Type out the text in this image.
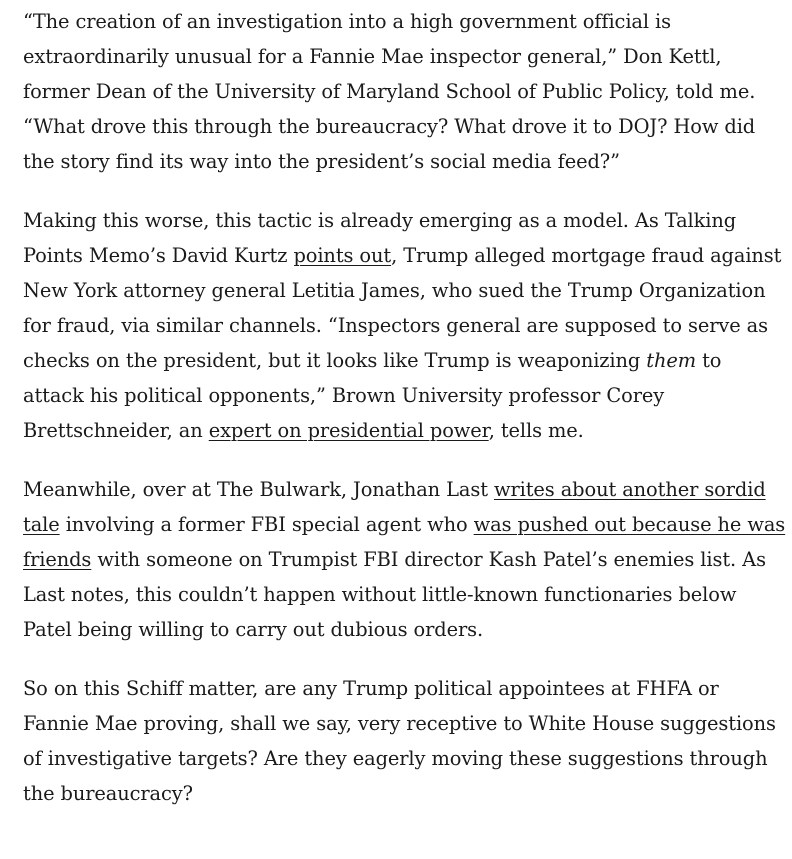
“The creation of an investigation into a high government official is extraordinarily unusual for a Fannie Mae inspector general,” Don Kettl, former Dean of the University of Maryland School of Public Policy, told me. “What drove this through the bureaucracy? What drove it to DOJ? How did the story find its way into the president’s social media feed?”

Making this worse, this tactic is already emerging as a model. As Talking Points Memo’s David Kurtz points out, Trump alleged mortgage fraud against New York attorney general Letitia James, who sued the Trump Organization for fraud, via similar channels. “Inspectors general are supposed to serve as checks on the president, but it looks like Trump is weaponizing them to attack his political opponents,” Brown University professor Corey Brettschneider, an expert on presidential power, tells me.

Meanwhile, over at The Bulwark, Jonathan Last writes about another sordid tale involving a former FBI special agent who was pushed out because he was friends with someone on Trumpist FBI director Kash Patel’s enemies list. As Last notes, this couldn’t happen without little-known functionaries below Patel being willing to carry out dubious orders.

So on this Schiff matter, are any Trump political appointees at FHFA or Fannie Mae proving, shall we say, very receptive to White House suggestions of investigative targets? Are they eagerly moving these suggestions through the bureaucracy?
